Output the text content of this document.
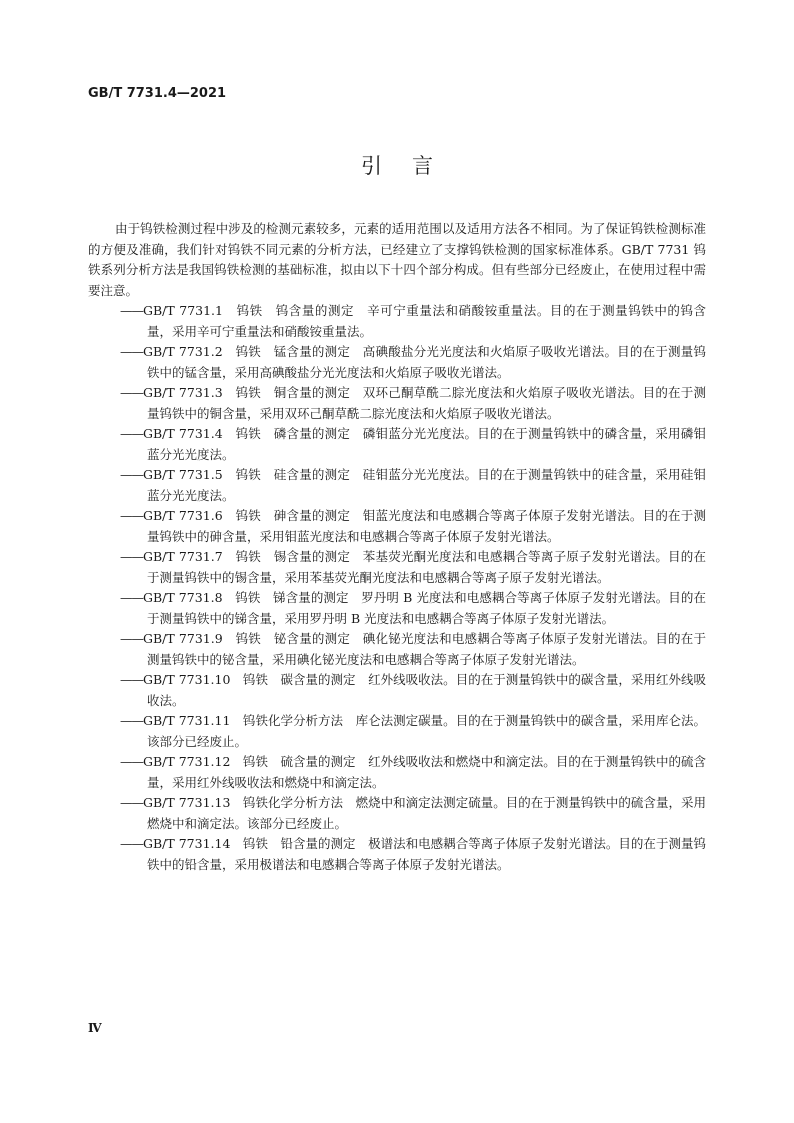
GB/T 7731.4—2021
引言

由于钨铁检测过程中涉及的检测元素较多，元素的适用范围以及适用方法各不相同。为了保证钨铁检测标准的方便及准确，我们针对钨铁不同元素的分析方法，已经建立了支撑钨铁检测的国家标准体系。GB/T 7731 钨铁系列分析方法是我国钨铁检测的基础标准，拟由以下十四个部分构成。但有些部分已经废止，在使用过程中需要注意。

——GB/T 7731.1　钨铁　钨含量的测定　辛可宁重量法和硝酸铵重量法。目的在于测量钨铁中的钨含量，采用辛可宁重量法和硝酸铵重量法。

——GB/T 7731.2　钨铁　锰含量的测定　高碘酸盐分光光度法和火焰原子吸收光谱法。目的在于测量钨铁中的锰含量，采用高碘酸盐分光光度法和火焰原子吸收光谱法。

——GB/T 7731.3　钨铁　铜含量的测定　双环己酮草酰二腙光度法和火焰原子吸收光谱法。目的在于测量钨铁中的铜含量，采用双环己酮草酰二腙光度法和火焰原子吸收光谱法。

——GB/T 7731.4　钨铁　磷含量的测定　磷钼蓝分光光度法。目的在于测量钨铁中的磷含量，采用磷钼蓝分光光度法。

——GB/T 7731.5　钨铁　硅含量的测定　硅钼蓝分光光度法。目的在于测量钨铁中的硅含量，采用硅钼蓝分光光度法。

——GB/T 7731.6　钨铁　砷含量的测定　钼蓝光度法和电感耦合等离子体原子发射光谱法。目的在于测量钨铁中的砷含量，采用钼蓝光度法和电感耦合等离子体原子发射光谱法。

——GB/T 7731.7　钨铁　锡含量的测定　苯基荧光酮光度法和电感耦合等离子原子发射光谱法。目的在于测量钨铁中的锡含量，采用苯基荧光酮光度法和电感耦合等离子原子发射光谱法。

——GB/T 7731.8　钨铁　锑含量的测定　罗丹明 B 光度法和电感耦合等离子体原子发射光谱法。目的在于测量钨铁中的锑含量，采用罗丹明 B 光度法和电感耦合等离子体原子发射光谱法。

——GB/T 7731.9　钨铁　铋含量的测定　碘化铋光度法和电感耦合等离子体原子发射光谱法。目的在于测量钨铁中的铋含量，采用碘化铋光度法和电感耦合等离子体原子发射光谱法。

——GB/T 7731.10　钨铁　碳含量的测定　红外线吸收法。目的在于测量钨铁中的碳含量，采用红外线吸收法。

——GB/T 7731.11　钨铁化学分析方法　库仑法测定碳量。目的在于测量钨铁中的碳含量，采用库仑法。该部分已经废止。

——GB/T 7731.12　钨铁　硫含量的测定　红外线吸收法和燃烧中和滴定法。目的在于测量钨铁中的硫含量，采用红外线吸收法和燃烧中和滴定法。

——GB/T 7731.13　钨铁化学分析方法　燃烧中和滴定法测定硫量。目的在于测量钨铁中的硫含量，采用燃烧中和滴定法。该部分已经废止。

——GB/T 7731.14　钨铁　铅含量的测定　极谱法和电感耦合等离子体原子发射光谱法。目的在于测量钨铁中的铅含量，采用极谱法和电感耦合等离子体原子发射光谱法。

Ⅳ
